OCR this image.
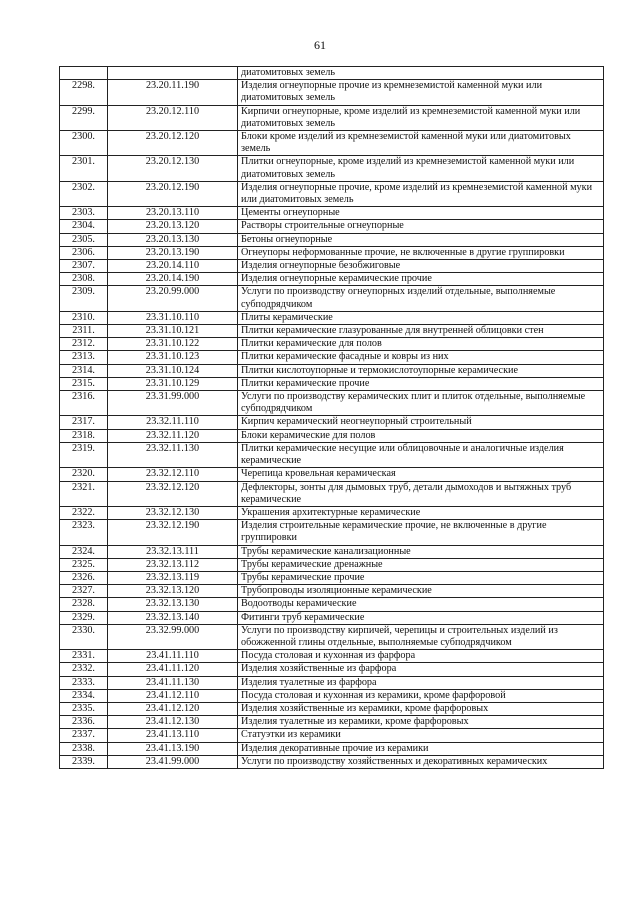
61
		диатомитовых земель
2298.	23.20.11.190	Изделия огнеупорные прочие из кремнеземистой каменной муки или диатомитовых земель
2299.	23.20.12.110	Кирпичи огнеупорные, кроме изделий из кремнеземистой каменной муки или диатомитовых земель
2300.	23.20.12.120	Блоки кроме изделий из кремнеземистой каменной муки или диатомитовых земель
2301.	23.20.12.130	Плитки огнеупорные, кроме изделий из кремнеземистой каменной муки или диатомитовых земель
2302.	23.20.12.190	Изделия огнеупорные прочие, кроме изделий из кремнеземистой каменной муки или диатомитовых земель
2303.	23.20.13.110	Цементы огнеупорные
2304.	23.20.13.120	Растворы строительные огнеупорные
2305.	23.20.13.130	Бетоны огнеупорные
2306.	23.20.13.190	Огнеупоры неформованные прочие, не включенные в другие группировки
2307.	23.20.14.110	Изделия огнеупорные безобжиговые
2308.	23.20.14.190	Изделия огнеупорные керамические прочие
2309.	23.20.99.000	Услуги по производству огнеупорных изделий отдельные, выполняемые субподрядчиком
2310.	23.31.10.110	Плиты керамические
2311.	23.31.10.121	Плитки керамические глазурованные для внутренней облицовки стен
2312.	23.31.10.122	Плитки керамические для полов
2313.	23.31.10.123	Плитки керамические фасадные и ковры из них
2314.	23.31.10.124	Плитки кислотоупорные и термокислотоупорные керамические
2315.	23.31.10.129	Плитки керамические прочие
2316.	23.31.99.000	Услуги по производству керамических плит и плиток отдельные, выполняемые субподрядчиком
2317.	23.32.11.110	Кирпич керамический неогнеупорный строительный
2318.	23.32.11.120	Блоки керамические для полов
2319.	23.32.11.130	Плитки керамические несущие или облицовочные и аналогичные изделия керамические
2320.	23.32.12.110	Черепица кровельная керамическая
2321.	23.32.12.120	Дефлекторы, зонты для дымовых труб, детали дымоходов и вытяжных труб керамические
2322.	23.32.12.130	Украшения архитектурные керамические
2323.	23.32.12.190	Изделия строительные керамические прочие, не включенные в другие группировки
2324.	23.32.13.111	Трубы керамические канализационные
2325.	23.32.13.112	Трубы керамические дренажные
2326.	23.32.13.119	Трубы керамические прочие
2327.	23.32.13.120	Трубопроводы изоляционные керамические
2328.	23.32.13.130	Водоотводы керамические
2329.	23.32.13.140	Фитинги труб керамические
2330.	23.32.99.000	Услуги по производству кирпичей, черепицы и строительных изделий из обожженной глины отдельные, выполняемые субподрядчиком
2331.	23.41.11.110	Посуда столовая и кухонная из фарфора
2332.	23.41.11.120	Изделия хозяйственные из фарфора
2333.	23.41.11.130	Изделия туалетные из фарфора
2334.	23.41.12.110	Посуда столовая и кухонная из керамики, кроме фарфоровой
2335.	23.41.12.120	Изделия хозяйственные из керамики, кроме фарфоровых
2336.	23.41.12.130	Изделия туалетные из керамики, кроме фарфоровых
2337.	23.41.13.110	Статуэтки из керамики
2338.	23.41.13.190	Изделия декоративные прочие из керамики
2339.	23.41.99.000	Услуги по производству хозяйственных и декоративных керамических
